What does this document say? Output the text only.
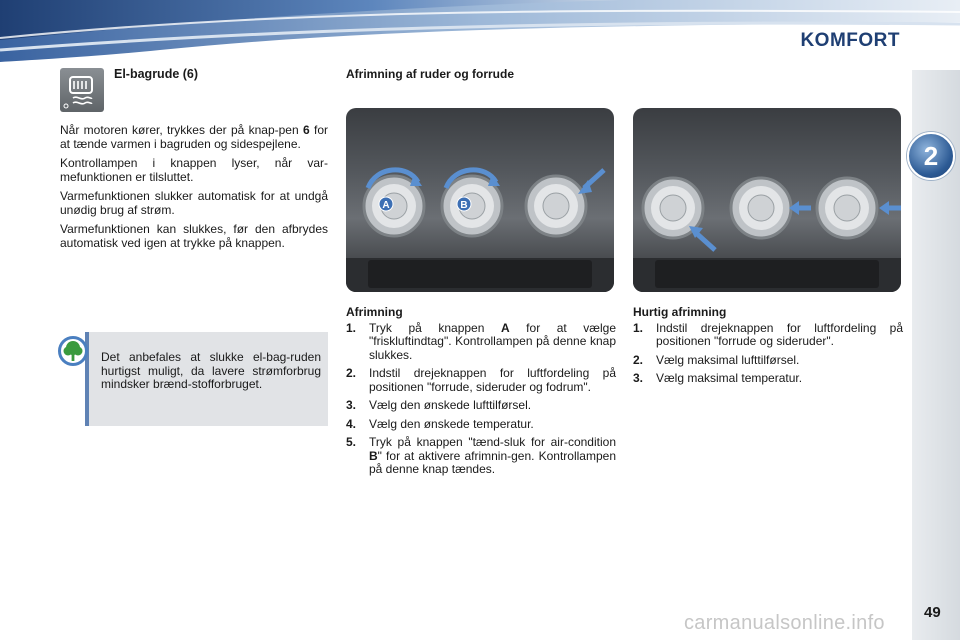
KOMFORT
2
El-bagrude (6)

Når motoren kører, trykkes der på knap-pen 6 for at tænde varmen i bagruden og sidespejlene.

Kontrollampen i knappen lyser, når var-mefunktionen er tilsluttet.

Varmefunktionen slukker automatisk for at undgå unødig brug af strøm.

Varmefunktionen kan slukkes, før den afbrydes automatisk ved igen at trykke på knappen.

Det anbefales at slukke el-bag-ruden hurtigst muligt, da lavere strømforbrug mindsker brænd-stofforbruget.
Afrimning af ruder og forrude
A	B
Afrimning
1.	Tryk på knappen A for at vælge "friskluftindtag". Kontrollampen på denne knap slukkes.
2.	Indstil drejeknappen for luftfordeling på positionen "forrude, sideruder og fodrum".
3.	Vælg den ønskede lufttilførsel.
4.	Vælg den ønskede temperatur.
5.	Tryk på knappen "tænd-sluk for air-condition B" for at aktivere afrimnin-gen. Kontrollampen på denne knap tændes.
Hurtig afrimning
1.	Indstil drejeknappen for luftfordeling på positionen "forrude og sideruder".
2.	Vælg maksimal lufttilførsel.
3.	Vælg maksimal temperatur.
49
carmanualsonline.info
